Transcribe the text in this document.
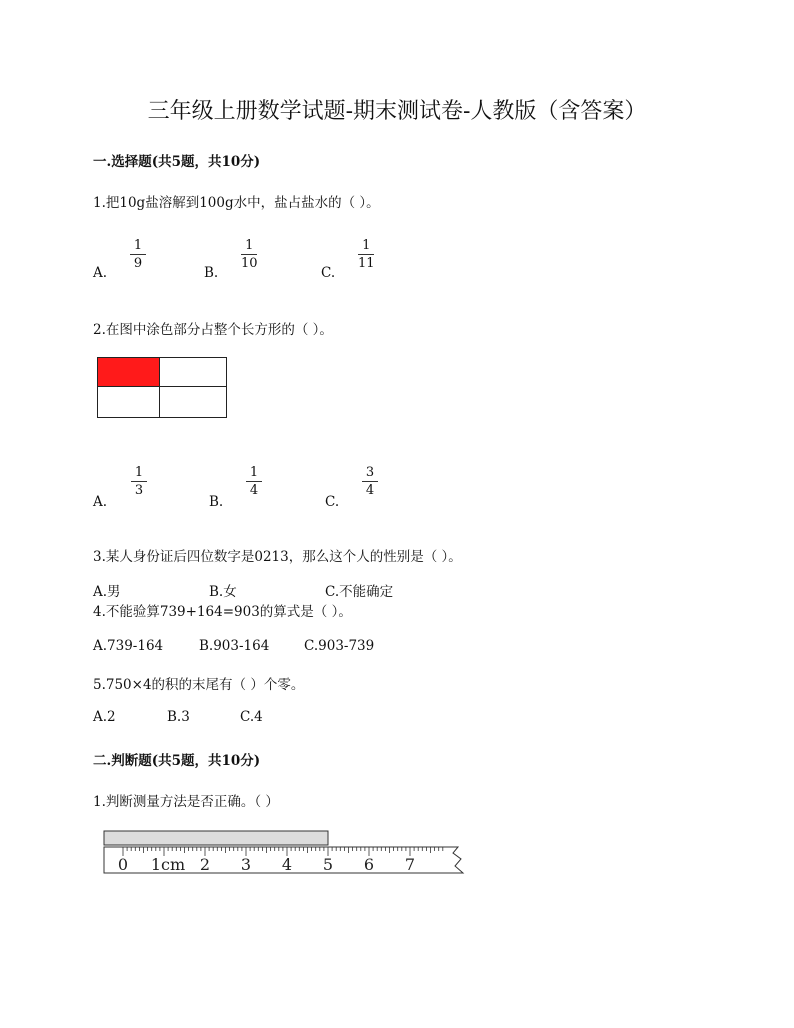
三年级上册数学试题-期末测试卷-人教版（含答案）
一.选择题(共5题，共10分)
1.把10g盐溶解到100g水中，盐占盐水的（ ）。
A.
1
9
B.
1
10
C.
1
11
2.在图中涂色部分占整个长方形的（ ）。
A.
1
3
B.
1
4
C.
3
4
3.某人身份证后四位数字是0213，那么这个人的性别是（ ）。
A.男	B.女	C.不能确定
4.不能验算739+164=903的算式是（ ）。
A.739-164	B.903-164	C.903-739
5.750×4的积的末尾有（ ）个零。
A.2	B.3	C.4
二.判断题(共5题，共10分)
1.判断测量方法是否正确。（ ）
0 1cm 2 3 4 5 6 7
